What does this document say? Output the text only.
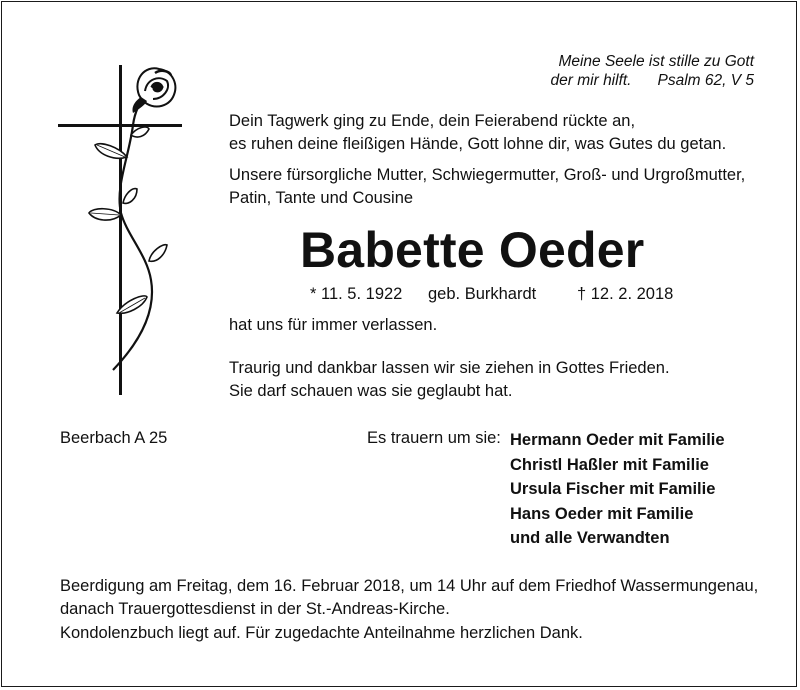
Meine Seele ist stille zu Gott
der mir hilft. Psalm 62, V 5
Dein Tagwerk ging zu Ende, dein Feierabend rückte an,
es ruhen deine fleißigen Hände, Gott lohne dir, was Gutes du getan.
Unsere fürsorgliche Mutter, Schwiegermutter, Groß- und Urgroßmutter,
Patin, Tante und Cousine
Babette Oeder
* 11. 5. 1922 geb. Burkhardt † 12. 2. 2018
hat uns für immer verlassen.
Traurig und dankbar lassen wir sie ziehen in Gottes Frieden.
Sie darf schauen was sie geglaubt hat.
Beerbach A 25	Es trauern um sie: Hermann Oeder mit Familie
Christl Haßler mit Familie
Ursula Fischer mit Familie
Hans Oeder mit Familie
und alle Verwandten
Beerdigung am Freitag, dem 16. Februar 2018, um 14 Uhr auf dem Friedhof Wassermungenau,
danach Trauergottesdienst in der St.-Andreas-Kirche.
Kondolenzbuch liegt auf. Für zugedachte Anteilnahme herzlichen Dank.
